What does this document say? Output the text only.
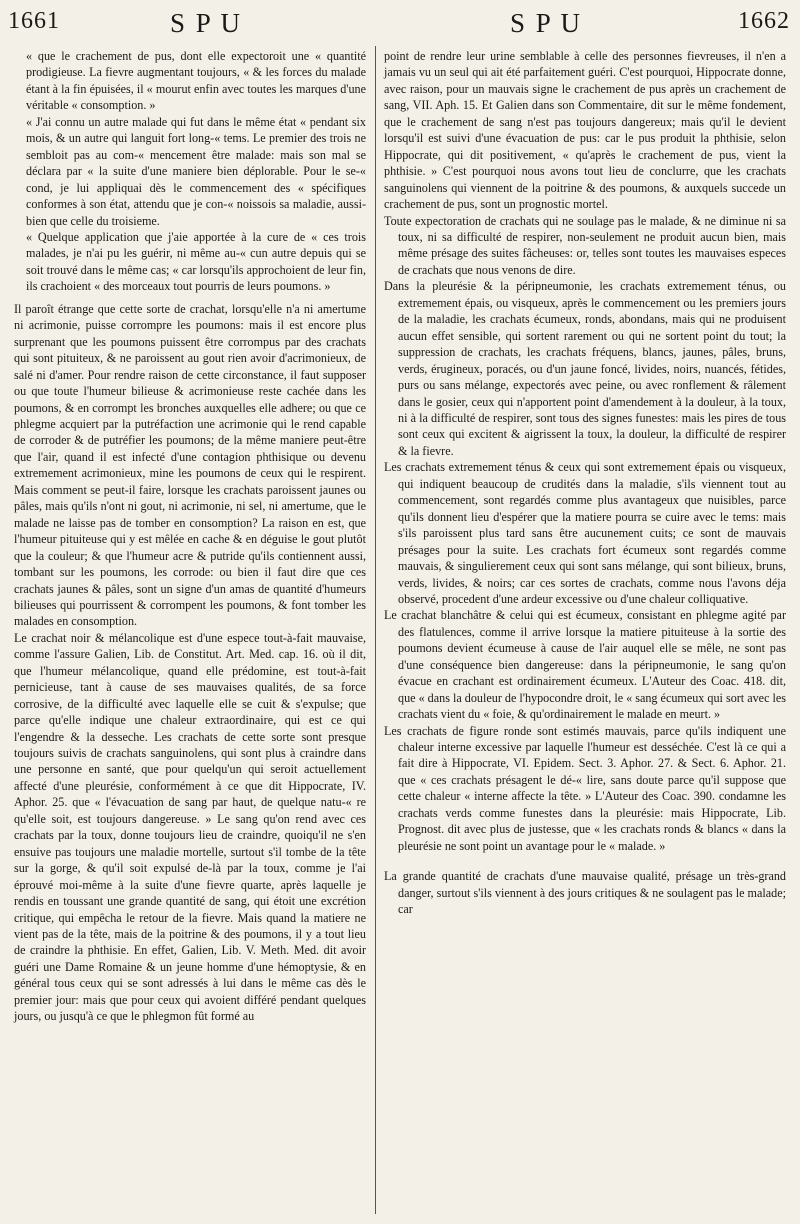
1661	S P U	S P U	1662

« que le crachement de pus, dont elle expectoroit une « quantité prodigieuse. La fievre augmentant toujours, « & les forces du malade étant à la fin épuisées, il « mourut enfin avec toutes les marques d'une véritable « consomption. »

« J'ai connu un autre malade qui fut dans le même état « pendant six mois, & un autre qui languit fort long-« tems. Le premier des trois ne sembloit pas au com-« mencement être malade: mais son mal se déclara par « la suite d'une maniere bien déplorable. Pour le se-« cond, je lui appliquai dès le commencement des « spécifiques conformes à son état, attendu que je con-« noissois sa maladie, aussi-bien que celle du troisieme.

« Quelque application que j'aie apportée à la cure de « ces trois malades, je n'ai pu les guérir, ni même au-« cun autre depuis qui se soit trouvé dans le même cas; « car lorsqu'ils approchoient de leur fin, ils crachoient « des morceaux tout pourris de leurs poumons. »

Il paroît étrange que cette sorte de crachat, lorsqu'elle n'a ni amertume ni acrimonie, puisse corrompre les poumons: mais il est encore plus surprenant que les poumons puissent être corrompus par des crachats qui sont pituiteux, & ne paroissent au gout rien avoir d'acrimonieux, de salé ni d'amer. Pour rendre raison de cette circonstance, il faut supposer ou que toute l'humeur bilieuse & acrimonieuse reste cachée dans les poumons, & en corrompt les bronches auxquelles elle adhere; ou que ce phlegme acquiert par la putréfaction une acrimonie qui le rend capable de corroder & de putréfier les poumons; de la même maniere peut-être que l'air, quand il est infecté d'une contagion phthisique ou devenu extremement acrimonieux, mine les poumons de ceux qui le respirent. Mais comment se peut-il faire, lorsque les crachats paroissent jaunes ou pâles, mais qu'ils n'ont ni gout, ni acrimonie, ni sel, ni amertume, que le malade ne laisse pas de tomber en consomption? La raison en est, que l'humeur pituiteuse qui y est mêlée en cache & en déguise le gout plutôt que la couleur; & que l'humeur acre & putride qu'ils contiennent aussi, tombant sur les poumons, les corrode: ou bien il faut dire que ces crachats jaunes & pâles, sont un signe d'un amas de quantité d'humeurs bilieuses qui pourrissent & corrompent les poumons, & font tomber les malades en consomption.

Le crachat noir & mélancolique est d'une espece tout-à-fait mauvaise, comme l'assure Galien, Lib. de Constitut. Art. Med. cap. 16. où il dit, que l'humeur mélancolique, quand elle prédomine, est tout-à-fait pernicieuse, tant à cause de ses mauvaises qualités, de sa force corrosive, de la difficulté avec laquelle elle se cuit & s'expulse; que parce qu'elle indique une chaleur extraordinaire, qui est ce qui l'engendre & la desseche. Les crachats de cette sorte sont presque toujours suivis de crachats sanguinolens, qui sont plus à craindre dans une personne en santé, que pour quelqu'un qui seroit actuellement affecté d'une pleurésie, conformément à ce que dit Hippocrate, IV. Aphor. 25. que « l'évacuation de sang par haut, de quelque natu-« re qu'elle soit, est toujours dangereuse. » Le sang qu'on rend avec ces crachats par la toux, donne toujours lieu de craindre, quoiqu'il ne s'en ensuive pas toujours une maladie mortelle, surtout s'il tombe de la tête sur la gorge, & qu'il soit expulsé de-là par la toux, comme je l'ai éprouvé moi-même à la suite d'une fievre quarte, après laquelle je rendis en toussant une grande quantité de sang, qui étoit une excrétion critique, qui empêcha le retour de la fievre. Mais quand la matiere ne vient pas de la tête, mais de la poitrine & des poumons, il y a tout lieu de craindre la phthisie. En effet, Galien, Lib. V. Meth. Med. dit avoir guéri une Dame Romaine & un jeune homme d'une hémoptysie, & en général tous ceux qui se sont adressés à lui dans le même cas dès le premier jour: mais que pour ceux qui avoient différé pendant quelques jours, ou jusqu'à ce que le phlegmon fût formé au

point de rendre leur urine semblable à celle des personnes fievreuses, il n'en a jamais vu un seul qui ait été parfaitement guéri. C'est pourquoi, Hippocrate donne, avec raison, pour un mauvais signe le crachement de pus après un crachement de sang, VII. Aph. 15. Et Galien dans son Commentaire, dit sur le même fondement, que le crachement de sang n'est pas toujours dangereux; mais qu'il le devient lorsqu'il est suivi d'une évacuation de pus: car le pus produit la phthisie, selon Hippocrate, qui dit positivement, « qu'après le crachement de pus, vient la phthisie. » C'est pourquoi nous avons tout lieu de conclurre, que les crachats sanguinolens qui viennent de la poitrine & des poumons, & auxquels succede un crachement de pus, sont un prognostic mortel.

Toute expectoration de crachats qui ne soulage pas le malade, & ne diminue ni sa toux, ni sa difficulté de respirer, non-seulement ne produit aucun bien, mais même présage des suites fâcheuses: or, telles sont toutes les mauvaises especes de crachats que nous venons de dire.

Dans la pleurésie & la péripneumonie, les crachats extremement ténus, ou extremement épais, ou visqueux, après le commencement ou les premiers jours de la maladie, les crachats écumeux, ronds, abondans, mais qui ne produisent aucun effet sensible, qui sortent rarement ou qui ne sortent point du tout; la suppression de crachats, les crachats fréquens, blancs, jaunes, pâles, bruns, verds, érugineux, poracés, ou d'un jaune foncé, livides, noirs, nuancés, fétides, purs ou sans mélange, expectorés avec peine, ou avec ronflement & râlement dans le gosier, ceux qui n'apportent point d'amendement à la douleur, à la toux, ni à la difficulté de respirer, sont tous des signes funestes: mais les pires de tous sont ceux qui excitent & aigrissent la toux, la douleur, la difficulté de respirer & la fievre.

Les crachats extremement ténus & ceux qui sont extremement épais ou visqueux, qui indiquent beaucoup de crudités dans la maladie, s'ils viennent tout au commencement, sont regardés comme plus avantageux que nuisibles, parce qu'ils donnent lieu d'espérer que la matiere pourra se cuire avec le tems: mais s'ils paroissent plus tard sans être aucunement cuits; ce sont de mauvais présages pour la suite. Les crachats fort écumeux sont regardés comme mauvais, & singulierement ceux qui sont sans mélange, qui sont bilieux, bruns, verds, livides, & noirs; car ces sortes de crachats, comme nous l'avons déja observé, procedent d'une ardeur excessive ou d'une chaleur colliquative.

Le crachat blanchâtre & celui qui est écumeux, consistant en phlegme agité par des flatulences, comme il arrive lorsque la matiere pituiteuse à la sortie des poumons devient écumeuse à cause de l'air auquel elle se mêle, ne sont pas d'une conséquence bien dangereuse: dans la péripneumonie, le sang qu'on évacue en crachant est ordinairement écumeux. L'Auteur des Coac. 418. dit, que « dans la douleur de l'hypocondre droit, le « sang écumeux qui sort avec les crachats vient du « foie, & qu'ordinairement le malade en meurt. »

Les crachats de figure ronde sont estimés mauvais, parce qu'ils indiquent une chaleur interne excessive par laquelle l'humeur est desséchée. C'est là ce qui a fait dire à Hippocrate, VI. Epidem. Sect. 3. Aphor. 27. & Sect. 6. Aphor. 21. que « ces crachats présagent le dé-« lire, sans doute parce qu'il suppose que cette chaleur « interne affecte la tête. » L'Auteur des Coac. 390. condamne les crachats verds comme funestes dans la pleurésie: mais Hippocrate, Lib. Prognost. dit avec plus de justesse, que « les crachats ronds & blancs « dans la pleurésie ne sont point un avantage pour le « malade. »

La grande quantité de crachats d'une mauvaise qualité, présage un très-grand danger, surtout s'ils viennent à des jours critiques & ne soulagent pas le malade; car
